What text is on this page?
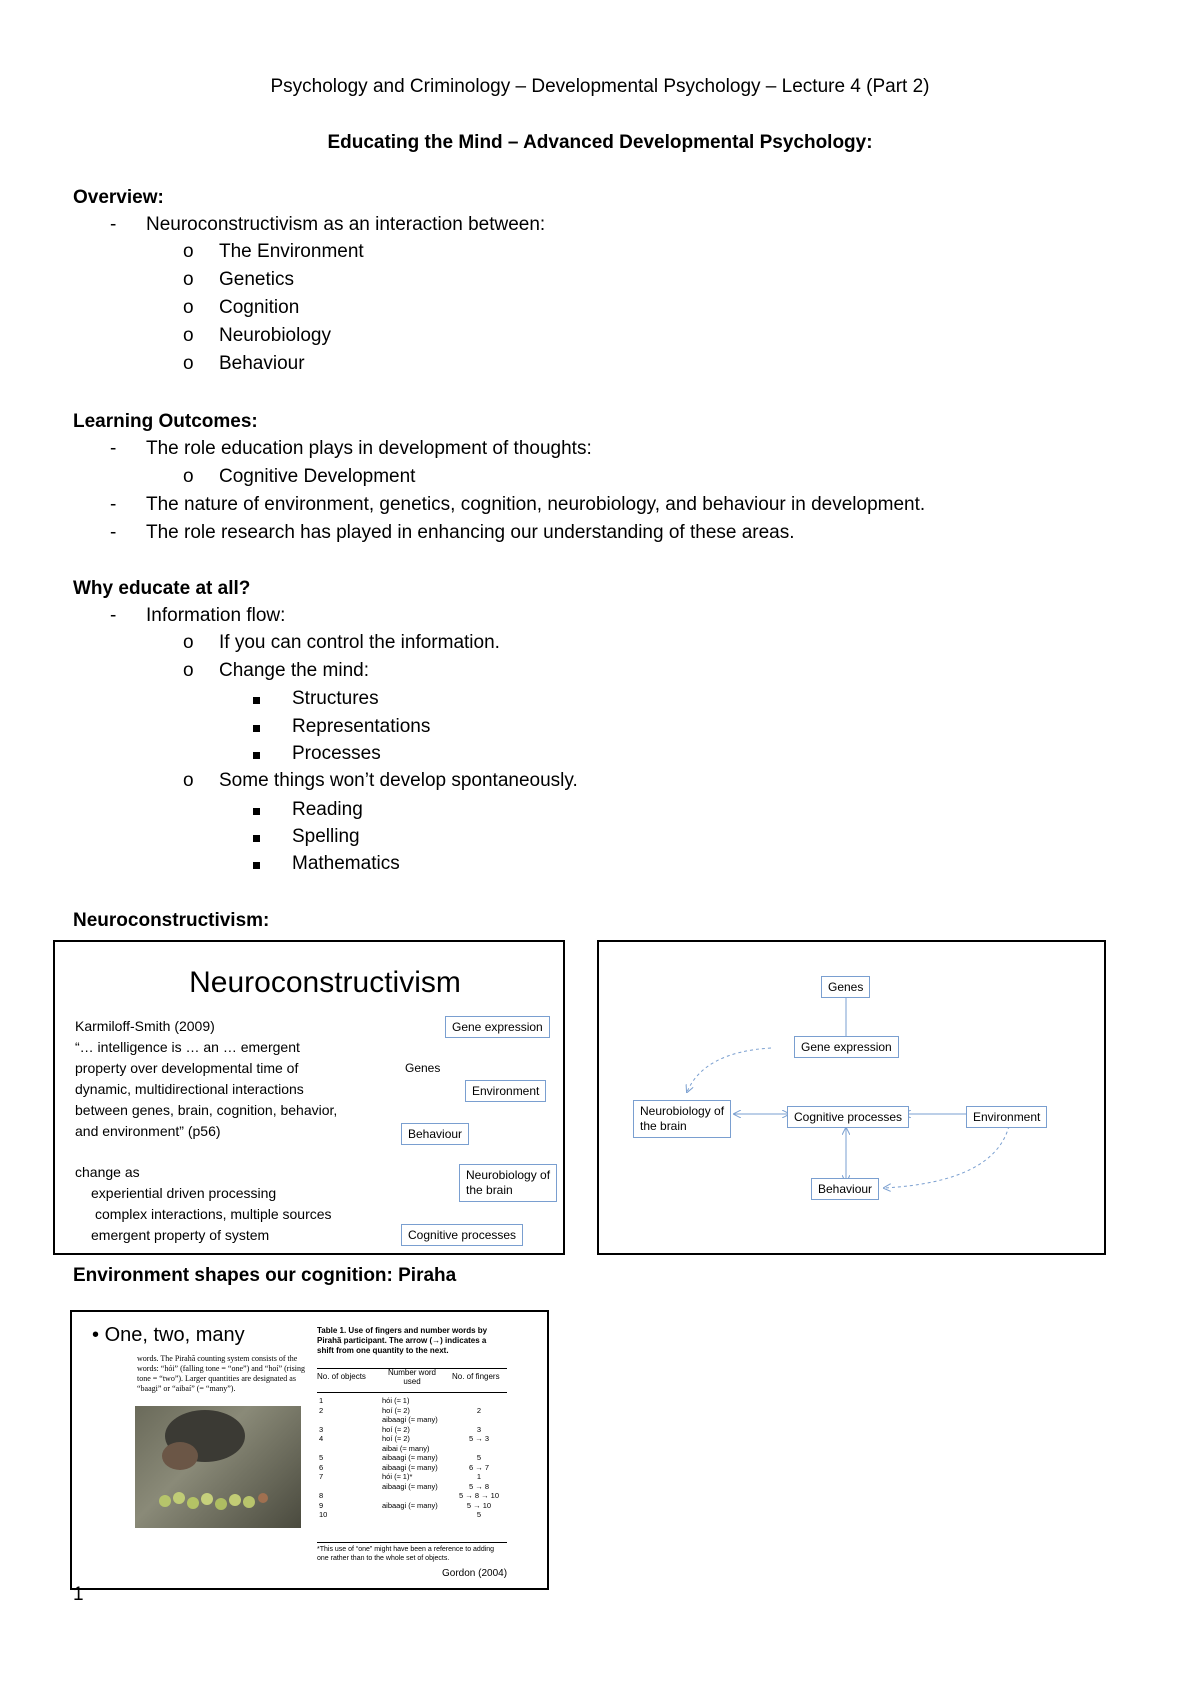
Psychology and Criminology – Developmental Psychology – Lecture 4 (Part 2)
Educating the Mind – Advanced Developmental Psychology:
Overview:
- Neuroconstructivism as an interaction between:
o The Environment
o Genetics
o Cognition
o Neurobiology
o Behaviour
Learning Outcomes:
- The role education plays in development of thoughts:
o Cognitive Development
- The nature of environment, genetics, cognition, neurobiology, and behaviour in development.
- The role research has played in enhancing our understanding of these areas.
Why educate at all?
- Information flow:
o If you can control the information.
o Change the mind:
Structures
Representations
Processes
o Some things won’t develop spontaneously.
Reading
Spelling
Mathematics
Neuroconstructivism:
Neuroconstructivism
Karmiloff-Smith (2009)
“… intelligence is … an … emergent
property over developmental time of
dynamic, multidirectional interactions
between genes, brain, cognition, behavior,
and environment” (p56)
change as
experiential driven processing
complex interactions, multiple sources
emergent property of system
Gene expression
Genes
Environment
Behaviour
Neurobiology of
the brain
Cognitive processes
Genes
Gene expression
Neurobiology of
the brain
Cognitive processes	Environment
Behaviour
Environment shapes our cognition: Piraha
• One, two, many
words. The Pirahã counting system consists of the words: “hói” (falling tone = “one”) and “hoí” (rising tone = “two”). Larger quantities are designated as “baagi” or “aibaí” (= “many”).
Table 1. Use of fingers and number words by Pirahã participant. The arrow (→) indicates a shift from one quantity to the next.
No. of objects	Number word used
No. of fingers
1
2

3
4

5
6
7

8
9
10
hói (≈ 1)
hoí (≈ 2)
aibaagi (≈ many)
hoí (≈ 2)
hoí (≈ 2)
aibai (≈ many)
aibaagi (≈ many)
aibaagi (≈ many)
hói (≈ 1)*
aibaagi (≈ many)

aibaagi (≈ many)

2

3
5 → 3

5
6 → 7
1
5 → 8
5 → 8 → 10
5 → 10
5
*This use of “one” might have been a reference to adding one rather than to the whole set of objects.
Gordon (2004)
1
